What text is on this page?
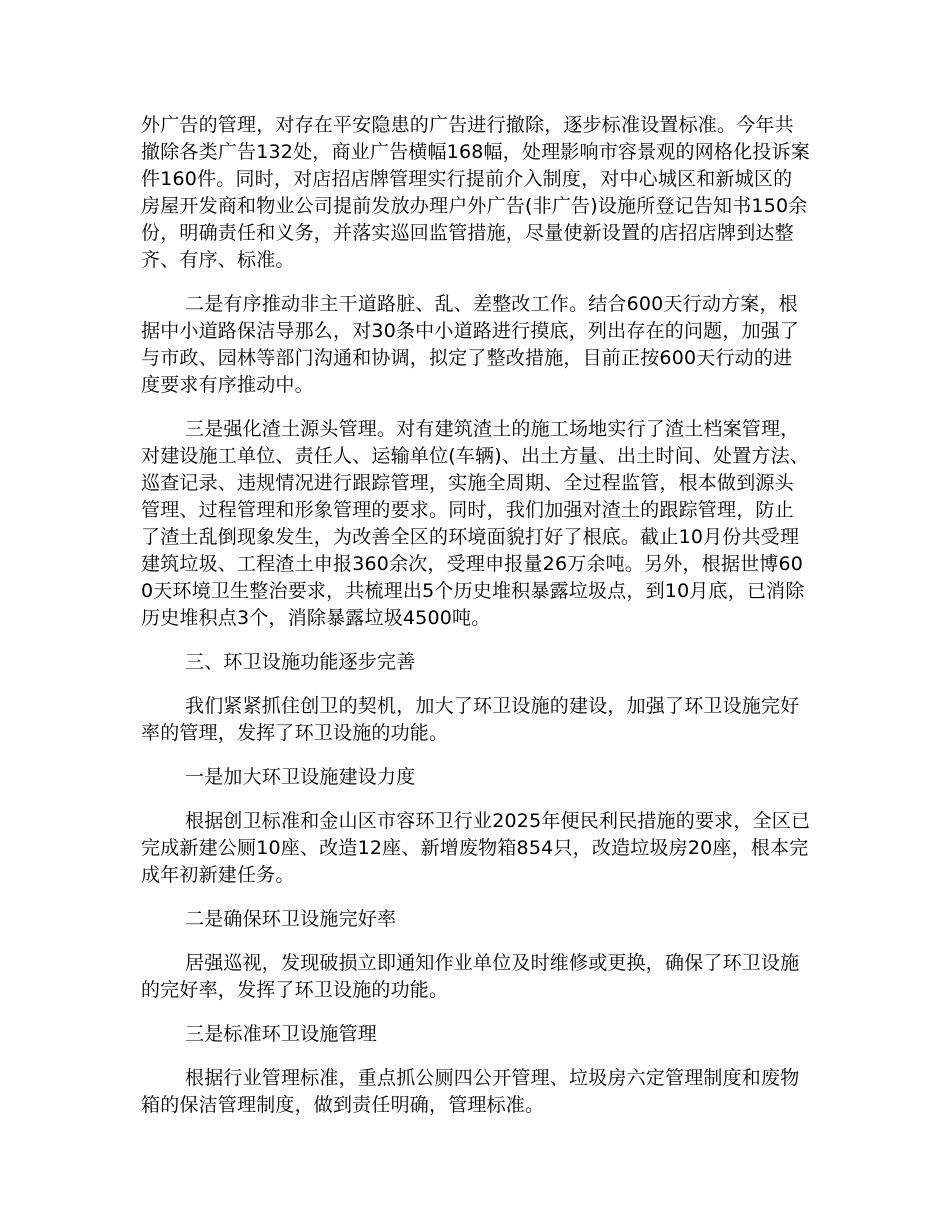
外广告的管理，对存在平安隐患的广告进行撤除，逐步标准设置标准。今年共撤除各类广告132处，商业广告横幅168幅，处理影响市容景观的网格化投诉案件160件。同时，对店招店牌管理实行提前介入制度，对中心城区和新城区的房屋开发商和物业公司提前发放办理户外广告(非广告)设施所登记告知书150余份，明确责任和义务，并落实巡回监管措施，尽量使新设置的店招店牌到达整齐、有序、标准。

二是有序推动非主干道路脏、乱、差整改工作。结合600天行动方案，根据中小道路保洁导那么，对30条中小道路进行摸底，列出存在的问题，加强了与市政、园林等部门沟通和协调，拟定了整改措施，目前正按600天行动的进度要求有序推动中。

三是强化渣土源头管理。对有建筑渣土的施工场地实行了渣土档案管理，对建设施工单位、责任人、运输单位(车辆)、出土方量、出土时间、处置方法、巡查记录、违规情况进行跟踪管理，实施全周期、全过程监管，根本做到源头管理、过程管理和形象管理的要求。同时，我们加强对渣土的跟踪管理，防止了渣土乱倒现象发生，为改善全区的环境面貌打好了根底。截止10月份共受理建筑垃圾、工程渣土申报360余次，受理申报量26万余吨。另外，根据世博600天环境卫生整治要求，共梳理出5个历史堆积暴露垃圾点，到10月底，已消除历史堆积点3个，消除暴露垃圾4500吨。

三、环卫设施功能逐步完善

我们紧紧抓住创卫的契机，加大了环卫设施的建设，加强了环卫设施完好率的管理，发挥了环卫设施的功能。

一是加大环卫设施建设力度

根据创卫标准和金山区市容环卫行业2025年便民利民措施的要求，全区已完成新建公厕10座、改造12座、新增废物箱854只，改造垃圾房20座，根本完成年初新建任务。

二是确保环卫设施完好率

居强巡视，发现破损立即通知作业单位及时维修或更换，确保了环卫设施的完好率，发挥了环卫设施的功能。

三是标准环卫设施管理

根据行业管理标准，重点抓公厕四公开管理、垃圾房六定管理制度和废物箱的保洁管理制度，做到责任明确，管理标准。
